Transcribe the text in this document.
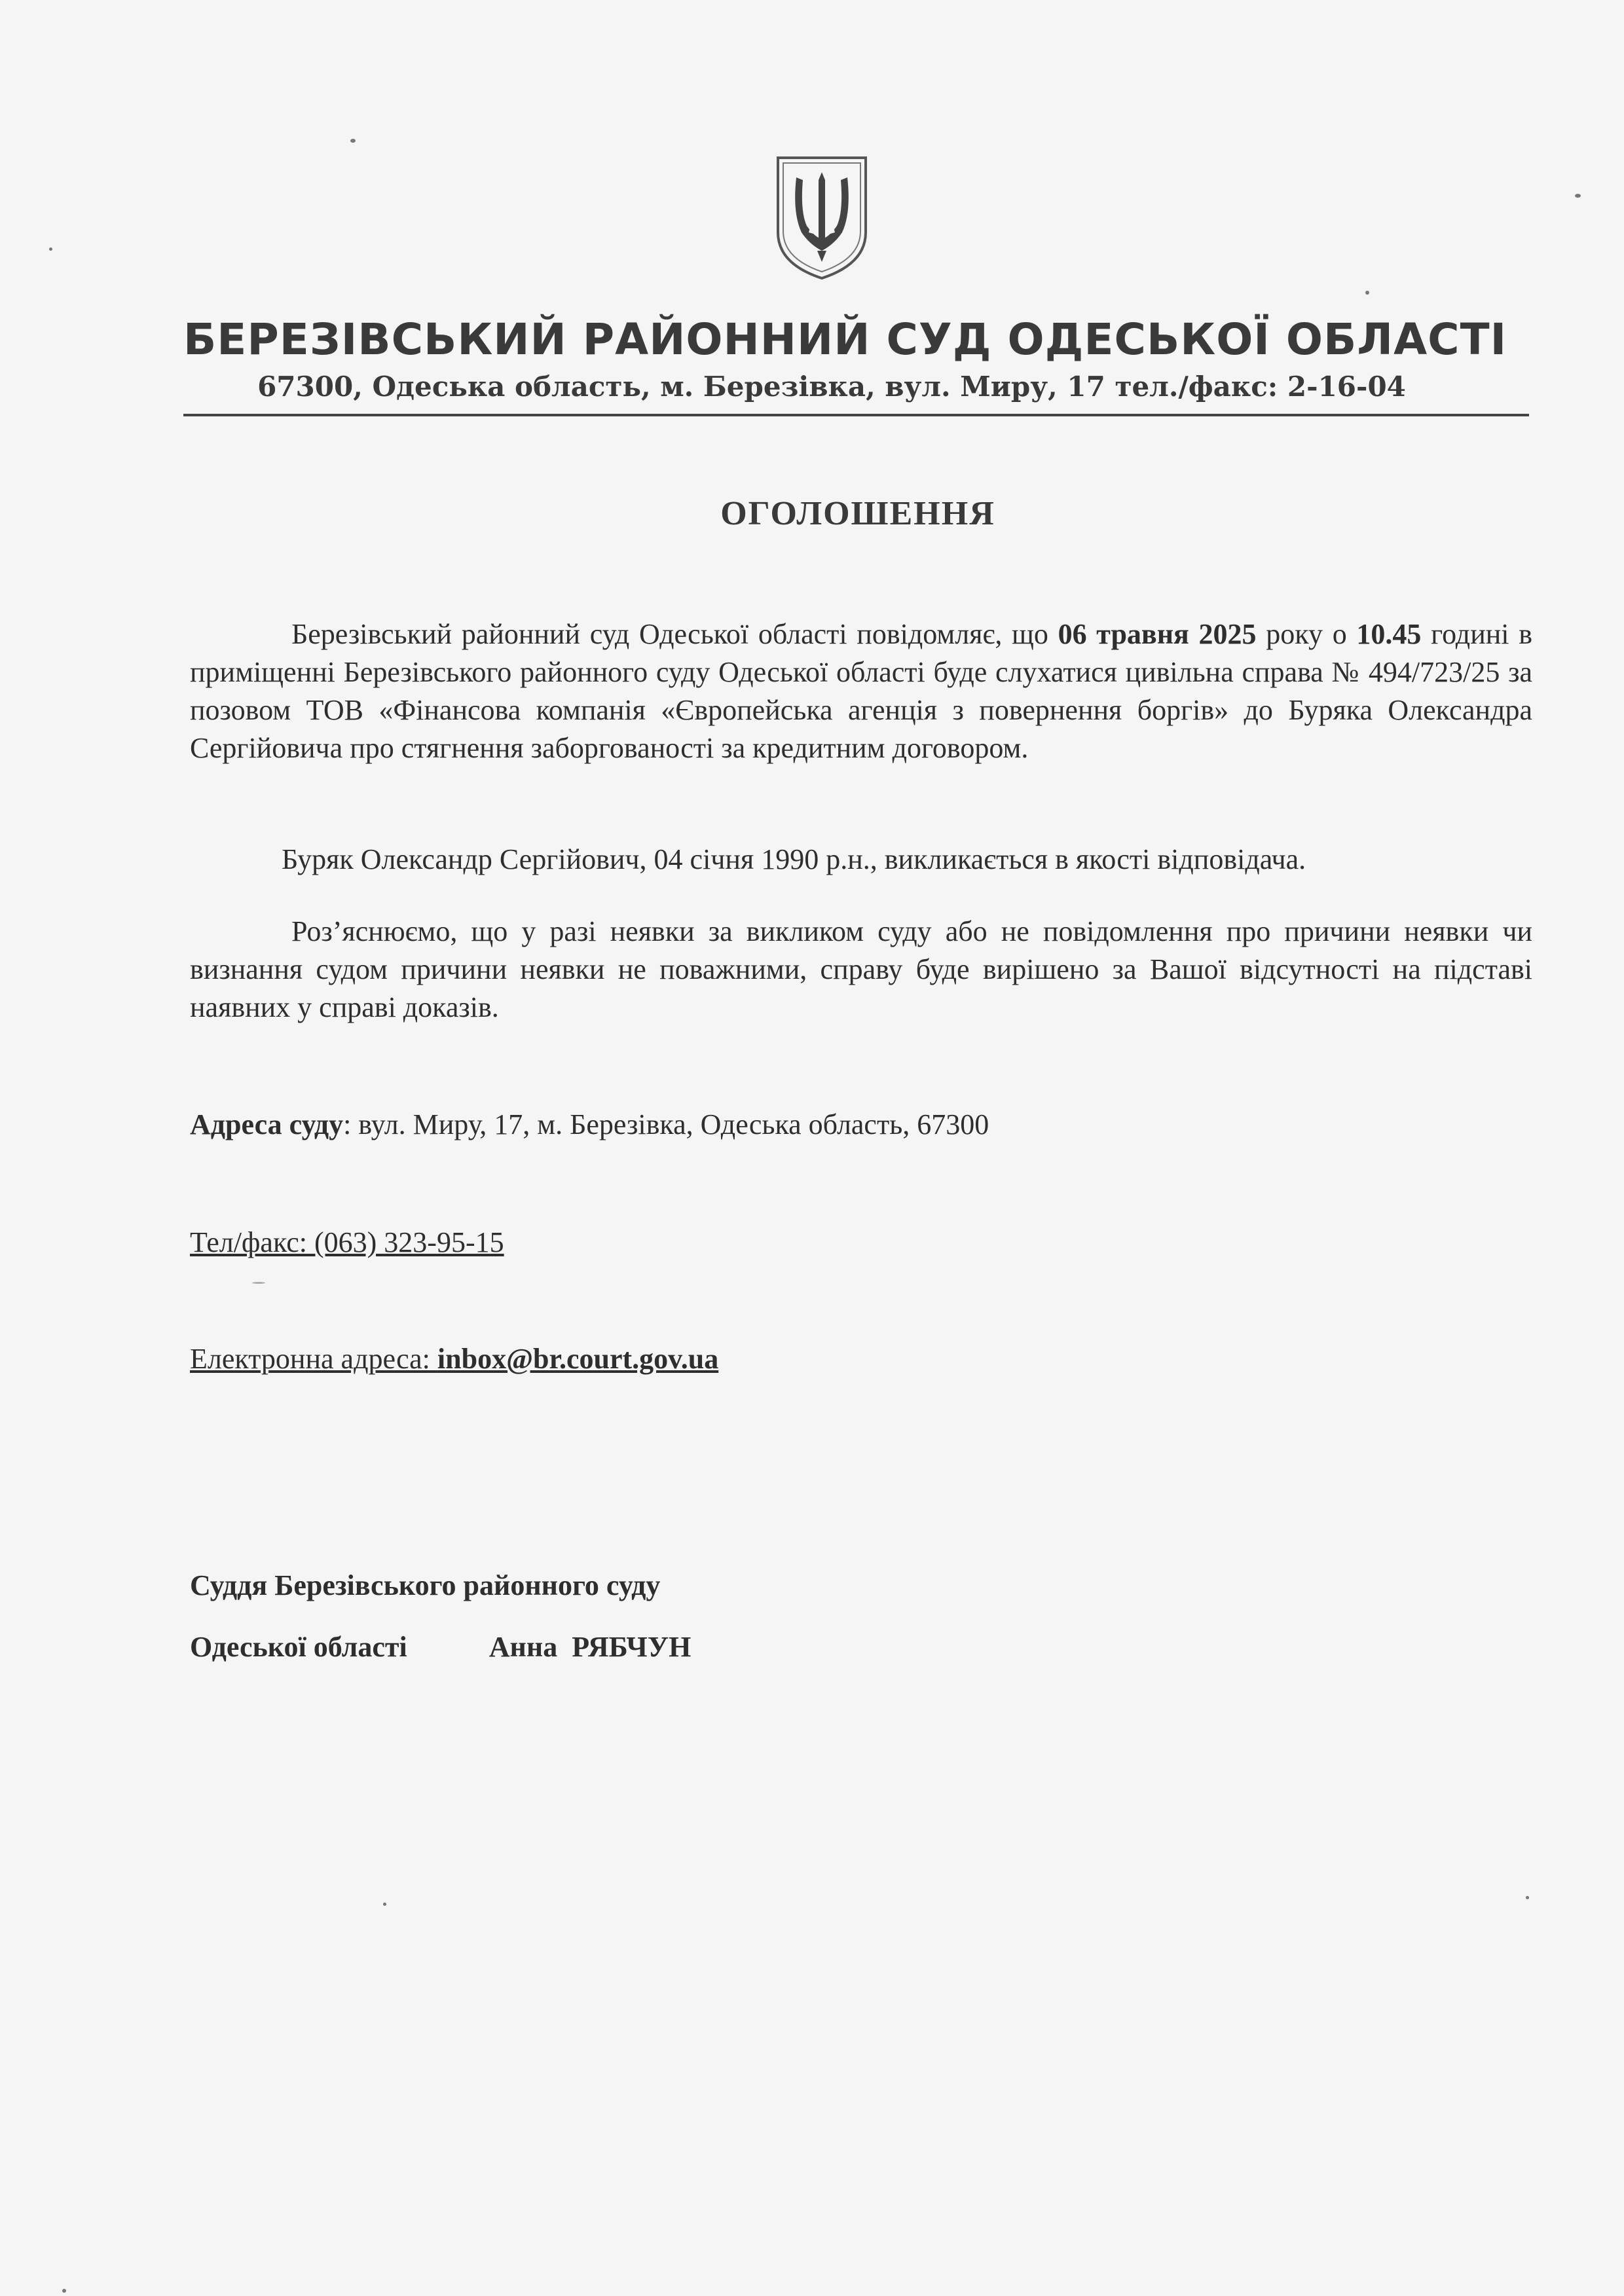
БЕРЕЗІВСЬКИЙ РАЙОННИЙ СУД ОДЕСЬКОЇ ОБЛАСТІ
67300, Одеська область, м. Березівка, вул. Миру, 17 тел./факс: 2-16-04
ОГОЛОШЕННЯ
Березівський районний суд Одеської області повідомляє, що 06 травня 2025 року о 10.45 годині в приміщенні Березівського районного суду Одеської області буде слухатися цивільна справа № 494/723/25 за позовом ТОВ «Фінансова компанія «Європейська агенція з повернення боргів» до Буряка Олександра Сергійовича про стягнення заборгованості за кредитним договором.
Буряк Олександр Сергійович, 04 січня 1990 р.н., викликається в якості відповідача.
Роз’яснюємо, що у разі неявки за викликом суду або не повідомлення про причини неявки чи визнання судом причини неявки не поважними, справу буде вирішено за Вашої відсутності на підставі наявних у справі доказів.
Адреса суду: вул. Миру, 17, м. Березівка, Одеська область, 67300
Тел/факс: (063) 323-95-15
Електронна адреса: inbox@br.court.gov.ua
Суддя Березівського районного суду
Одеської області	Анна  РЯБЧУН
